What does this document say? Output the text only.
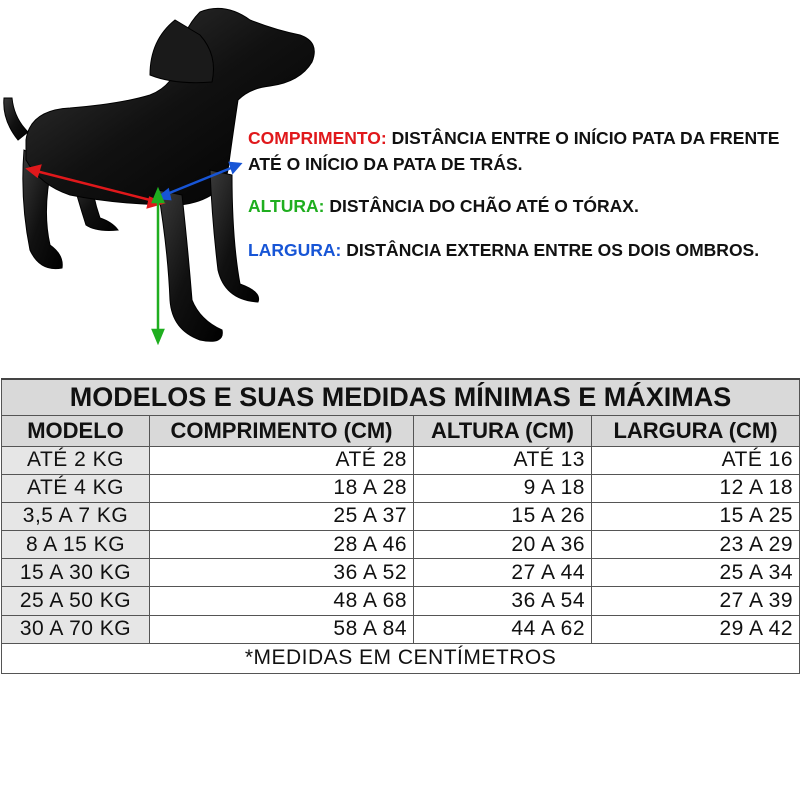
COMPRIMENTO: DISTÂNCIA ENTRE O INÍCIO PATA DA FRENTE ATÉ O INÍCIO DA PATA DE TRÁS.
ALTURA: DISTÂNCIA DO CHÃO ATÉ O TÓRAX.
LARGURA: DISTÂNCIA EXTERNA ENTRE OS DOIS OMBROS.
MODELOS E SUAS MEDIDAS MÍNIMAS E MÁXIMAS			
MODELO	COMPRIMENTO (CM)	ALTURA (CM)	LARGURA (CM)
ATÉ 2 KG	ATÉ 28	ATÉ 13	ATÉ 16
ATÉ 4 KG	18 A 28	9 A 18	12 A 18
3,5 A 7 KG	25 A 37	15 A 26	15 A 25
8 A 15 KG	28 A 46	20 A 36	23 A 29
15 A 30 KG	36 A 52	27 A 44	25 A 34
25 A 50 KG	48 A 68	36 A 54	27 A 39
30 A 70 KG	58 A 84	44 A 62	29 A 42
*MEDIDAS EM CENTÍMETROS			
